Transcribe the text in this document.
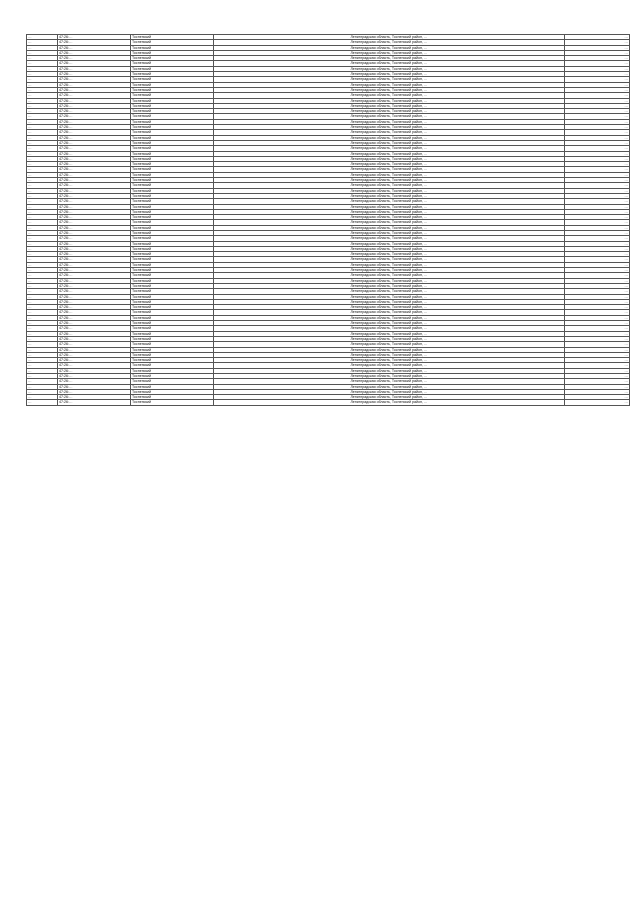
…	47:26:…	Тосненский	Ленинградская область, Тосненский район, …	…
…	47:26:…	Тосненский	Ленинградская область, Тосненский район, …	…
…	47:26:…	Тосненский	Ленинградская область, Тосненский район, …	…
…	47:26:…	Тосненский	Ленинградская область, Тосненский район, …	…
…	47:26:…	Тосненский	Ленинградская область, Тосненский район, …	…
…	47:26:…	Тосненский	Ленинградская область, Тосненский район, …	…
…	47:26:…	Тосненский	Ленинградская область, Тосненский район, …	…
…	47:26:…	Тосненский	Ленинградская область, Тосненский район, …	…
…	47:26:…	Тосненский	Ленинградская область, Тосненский район, …	…
…	47:26:…	Тосненский	Ленинградская область, Тосненский район, …	…
…	47:26:…	Тосненский	Ленинградская область, Тосненский район, …	…
…	47:26:…	Тосненский	Ленинградская область, Тосненский район, …	…
…	47:26:…	Тосненский	Ленинградская область, Тосненский район, …	…
…	47:26:…	Тосненский	Ленинградская область, Тосненский район, …	…
…	47:26:…	Тосненский	Ленинградская область, Тосненский район, …	…
…	47:26:…	Тосненский	Ленинградская область, Тосненский район, …	…
…	47:26:…	Тосненский	Ленинградская область, Тосненский район, …	…
…	47:26:…	Тосненский	Ленинградская область, Тосненский район, …	…
…	47:26:…	Тосненский	Ленинградская область, Тосненский район, …	…
…	47:26:…	Тосненский	Ленинградская область, Тосненский район, …	…
…	47:26:…	Тосненский	Ленинградская область, Тосненский район, …	…
…	47:26:…	Тосненский	Ленинградская область, Тосненский район, …	…
…	47:26:…	Тосненский	Ленинградская область, Тосненский район, …	…
…	47:26:…	Тосненский	Ленинградская область, Тосненский район, …	…
…	47:26:…	Тосненский	Ленинградская область, Тосненский район, …	…
…	47:26:…	Тосненский	Ленинградская область, Тосненский район, …	…
…	47:26:…	Тосненский	Ленинградская область, Тосненский район, …	…
…	47:26:…	Тосненский	Ленинградская область, Тосненский район, …	…
…	47:26:…	Тосненский	Ленинградская область, Тосненский район, …	…
…	47:26:…	Тосненский	Ленинградская область, Тосненский район, …	…
…	47:26:…	Тосненский	Ленинградская область, Тосненский район, …	…
…	47:26:…	Тосненский	Ленинградская область, Тосненский район, …	…
…	47:26:…	Тосненский	Ленинградская область, Тосненский район, …	…
…	47:26:…	Тосненский	Ленинградская область, Тосненский район, …	…
…	47:26:…	Тосненский	Ленинградская область, Тосненский район, …	…
…	47:26:…	Тосненский	Ленинградская область, Тосненский район, …	…
…	47:26:…	Тосненский	Ленинградская область, Тосненский район, …	…
…	47:26:…	Тосненский	Ленинградская область, Тосненский район, …	…
…	47:26:…	Тосненский	Ленинградская область, Тосненский район, …	…
…	47:26:…	Тосненский	Ленинградская область, Тосненский район, …	…
…	47:26:…	Тосненский	Ленинградская область, Тосненский район, …	…
…	47:26:…	Тосненский	Ленинградская область, Тосненский район, …	…
…	47:26:…	Тосненский	Ленинградская область, Тосненский район, …	…
…	47:26:…	Тосненский	Ленинградская область, Тосненский район, …	…
…	47:26:…	Тосненский	Ленинградская область, Тосненский район, …	…
…	47:26:…	Тосненский	Ленинградская область, Тосненский район, …	…
…	47:26:…	Тосненский	Ленинградская область, Тосненский район, …	…
…	47:26:…	Тосненский	Ленинградская область, Тосненский район, …	…
…	47:26:…	Тосненский	Ленинградская область, Тосненский район, …	…
…	47:26:…	Тосненский	Ленинградская область, Тосненский район, …	…
…	47:26:…	Тосненский	Ленинградская область, Тосненский район, …	…
…	47:26:…	Тосненский	Ленинградская область, Тосненский район, …	…
…	47:26:…	Тосненский	Ленинградская область, Тосненский район, …	…
…	47:26:…	Тосненский	Ленинградская область, Тосненский район, …	…
…	47:26:…	Тосненский	Ленинградская область, Тосненский район, …	…
…	47:26:…	Тосненский	Ленинградская область, Тосненский район, …	…
…	47:26:…	Тосненский	Ленинградская область, Тосненский район, …	…
…	47:26:…	Тосненский	Ленинградская область, Тосненский район, …	…
…	47:26:…	Тосненский	Ленинградская область, Тосненский район, …	…
…	47:26:…	Тосненский	Ленинградская область, Тосненский район, …	…
…	47:26:…	Тосненский	Ленинградская область, Тосненский район, …	…
…	47:26:…	Тосненский	Ленинградская область, Тосненский район, …	…
…	47:26:…	Тосненский	Ленинградская область, Тосненский район, …	…
…	47:26:…	Тосненский	Ленинградская область, Тосненский район, …	…
…	47:26:…	Тосненский	Ленинградская область, Тосненский район, …	…
…	47:26:…	Тосненский	Ленинградская область, Тосненский район, …	…
…	47:26:…	Тосненский	Ленинградская область, Тосненский район, …	…
…	47:26:…	Тосненский	Ленинградская область, Тосненский район, …	…
…	47:26:…	Тосненский	Ленинградская область, Тосненский район, …	…
…	47:26:…	Тосненский	Ленинградская область, Тосненский район, …	…
